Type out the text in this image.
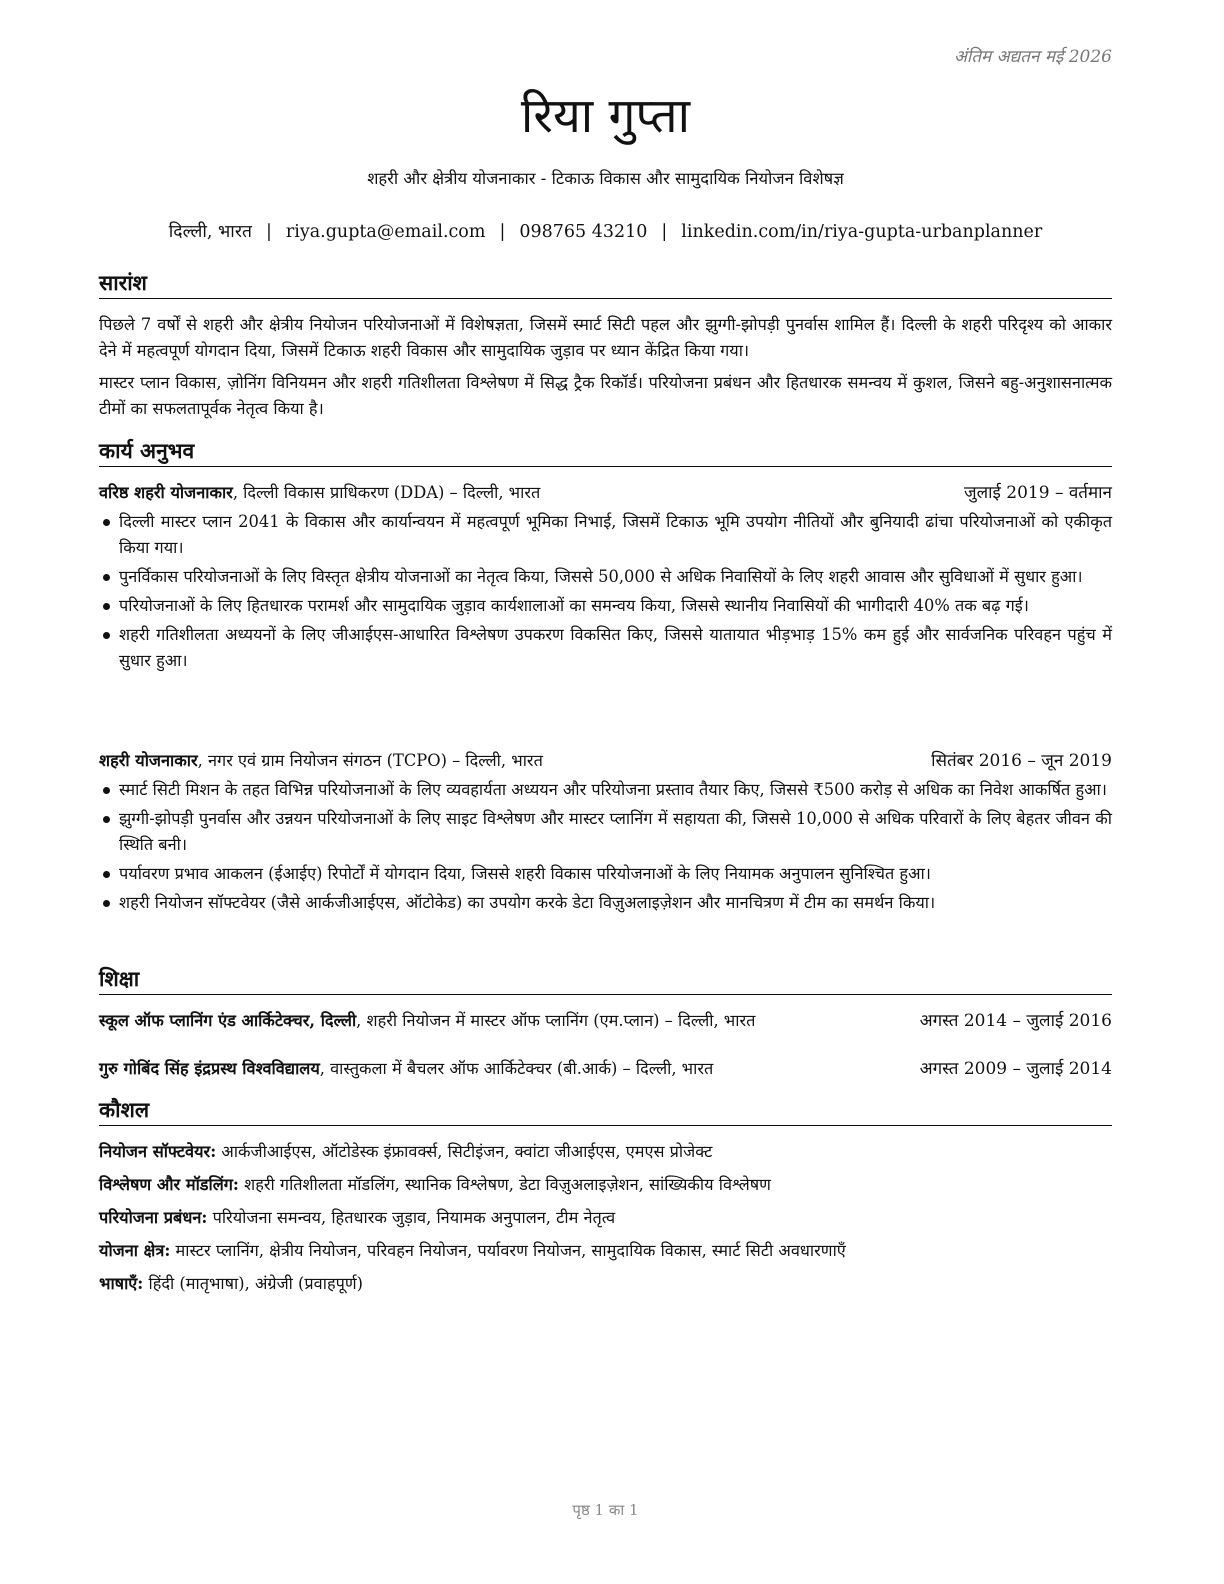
अंतिम अद्यतन मई 2026
रिया गुप्ता
शहरी और क्षेत्रीय योजनाकार - टिकाऊ विकास और सामुदायिक नियोजन विशेषज्ञ
दिल्ली, भारत | riya.gupta@email.com | 098765 43210 | linkedin.com/in/riya-gupta-urbanplanner
सारांश
पिछले 7 वर्षों से शहरी और क्षेत्रीय नियोजन परियोजनाओं में विशेषज्ञता, जिसमें स्मार्ट सिटी पहल और झुग्गी-झोपड़ी पुनर्वास शामिल हैं। दिल्ली के शहरी परिदृश्य को आकार देने में महत्वपूर्ण योगदान दिया, जिसमें टिकाऊ शहरी विकास और सामुदायिक जुड़ाव पर ध्यान केंद्रित किया गया।
मास्टर प्लान विकास, ज़ोनिंग विनियमन और शहरी गतिशीलता विश्लेषण में सिद्ध ट्रैक रिकॉर्ड। परियोजना प्रबंधन और हितधारक समन्वय में कुशल, जिसने बहु-अनुशासनात्मक टीमों का सफलतापूर्वक नेतृत्व किया है।
कार्य अनुभव
वरिष्ठ शहरी योजनाकार, दिल्ली विकास प्राधिकरण (DDA) – दिल्ली, भारत	जुलाई 2019 – वर्तमान
दिल्ली मास्टर प्लान 2041 के विकास और कार्यान्वयन में महत्वपूर्ण भूमिका निभाई, जिसमें टिकाऊ भूमि उपयोग नीतियों और बुनियादी ढांचा परियोजनाओं को एकीकृत किया गया।
पुनर्विकास परियोजनाओं के लिए विस्तृत क्षेत्रीय योजनाओं का नेतृत्व किया, जिससे 50,000 से अधिक निवासियों के लिए शहरी आवास और सुविधाओं में सुधार हुआ।
परियोजनाओं के लिए हितधारक परामर्श और सामुदायिक जुड़ाव कार्यशालाओं का समन्वय किया, जिससे स्थानीय निवासियों की भागीदारी 40% तक बढ़ गई।
शहरी गतिशीलता अध्ययनों के लिए जीआईएस-आधारित विश्लेषण उपकरण विकसित किए, जिससे यातायात भीड़भाड़ 15% कम हुई और सार्वजनिक परिवहन पहुंच में सुधार हुआ।
शहरी योजनाकार, नगर एवं ग्राम नियोजन संगठन (TCPO) – दिल्ली, भारत	सितंबर 2016 – जून 2019
स्मार्ट सिटी मिशन के तहत विभिन्न परियोजनाओं के लिए व्यवहार्यता अध्ययन और परियोजना प्रस्ताव तैयार किए, जिससे ₹500 करोड़ से अधिक का निवेश आकर्षित हुआ।
झुग्गी-झोपड़ी पुनर्वास और उन्नयन परियोजनाओं के लिए साइट विश्लेषण और मास्टर प्लानिंग में सहायता की, जिससे 10,000 से अधिक परिवारों के लिए बेहतर जीवन की स्थिति बनी।
पर्यावरण प्रभाव आकलन (ईआईए) रिपोर्टों में योगदान दिया, जिससे शहरी विकास परियोजनाओं के लिए नियामक अनुपालन सुनिश्चित हुआ।
शहरी नियोजन सॉफ्टवेयर (जैसे आर्कजीआईएस, ऑटोकेड) का उपयोग करके डेटा विज़ुअलाइज़ेशन और मानचित्रण में टीम का समर्थन किया।
शिक्षा
स्कूल ऑफ प्लानिंग एंड आर्किटेक्चर, दिल्ली, शहरी नियोजन में मास्टर ऑफ प्लानिंग (एम.प्लान) – दिल्ली, भारत	अगस्त 2014 – जुलाई 2016
गुरु गोबिंद सिंह इंद्रप्रस्थ विश्वविद्यालय, वास्तुकला में बैचलर ऑफ आर्किटेक्चर (बी.आर्क) – दिल्ली, भारत	अगस्त 2009 – जुलाई 2014
कौशल
नियोजन सॉफ्टवेयर: आर्कजीआईएस, ऑटोडेस्क इंफ्रावर्क्स, सिटीइंजन, क्वांटा जीआईएस, एमएस प्रोजेक्ट
विश्लेषण और मॉडलिंग: शहरी गतिशीलता मॉडलिंग, स्थानिक विश्लेषण, डेटा विज़ुअलाइज़ेशन, सांख्यिकीय विश्लेषण
परियोजना प्रबंधन: परियोजना समन्वय, हितधारक जुड़ाव, नियामक अनुपालन, टीम नेतृत्व
योजना क्षेत्र: मास्टर प्लानिंग, क्षेत्रीय नियोजन, परिवहन नियोजन, पर्यावरण नियोजन, सामुदायिक विकास, स्मार्ट सिटी अवधारणाएँ
भाषाएँ: हिंदी (मातृभाषा), अंग्रेजी (प्रवाहपूर्ण)
पृष्ठ 1 का 1
